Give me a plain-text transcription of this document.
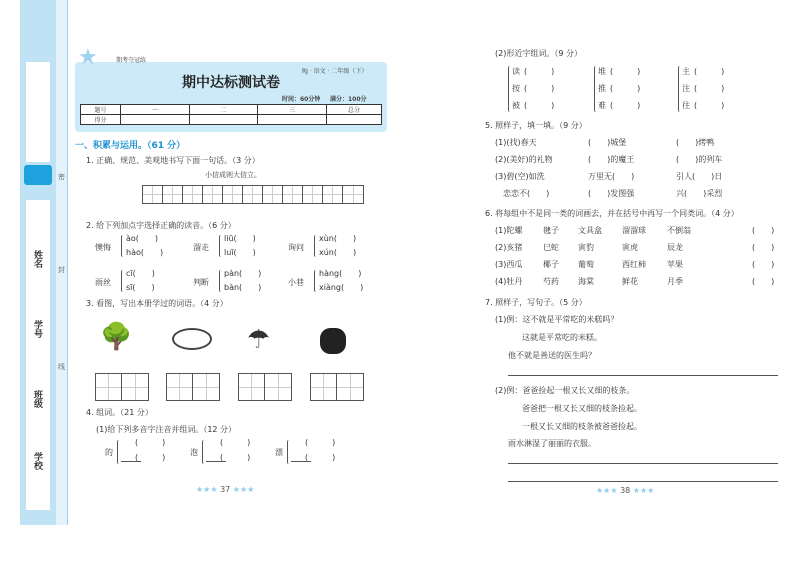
姓名
学号
班级
学校
密
封
线
★	期考夺冠练
RJ · 语文 · 二年级（下）
期中达标测试卷
时间：60分钟 满分：100分
题号	一	二	三	总分
得分				
一、积累与运用。（61 分）
1. 正确、规范、美观地书写下面一句话。（3 分）
小信成则大信立。
2. 给下列加点字选择正确的读音。（6 分）
3. 看图，写出本册学过的词语。（4 分）
🌳	☂
4. 组词。（21 分）
(1)给下列多音字注音并组词。（12 分）
★★★ 37 ★★★
(2)形近字组词。（9 分）
5. 照样子，填一填。（9 分）
6. 将每组中不是同一类的词画去，并在括号中再写一个同类词。（4 分）
7. 照样子，写句子。（5 分）
(1)例：这不就是平常吃的米糕吗？
这就是平常吃的米糕。
他不就是善送的医生吗？
(2)例：爸爸捡起一根又长又细的枝条。
爸爸把一根又长又细的枝条捡起。
一根又长又细的枝条被爸爸捡起。
雨水淋湿了丽丽的衣服。
★★★ 38 ★★★
懊悔
ào(　　)
hào(　　)
溜走
liū(　　)
luī(　　)
询问
xùn(　　)
xún(　　)
雨丝
cī(　　)
sī(　　)
判断
pàn(　　)
bàn(　　)
小巷
hàng(　　)
xiàng(　　)
的
(　　　)
(　　　)
泡
(　　　)
(　　　)
漂
(　　　)
(　　　)
读 (　　　)
按 (　　　)
被 (　　　)
堆 (　　　)
推 (　　　)
难 (　　　)
主 (　　　)
注 (　　　)
往 (　　　)
(1)(找)春天	(　　)城堡	(　　)烤鸭
(2)(美好)的礼物	(　　)的魔王	(　　)的列车
(3)碧(空)如洗	万里无(　　)	引人(　　)日
　恋恋不(　　)	(　　)发图强	兴(　　)采烈
(1)陀螺	毽子 文具盒	溜溜球	不倒翁	(　　)
(2)亥猪	巳蛇 寅豹	寅虎	辰龙	(　　)
(3)西瓜	椰子 葡萄	西红柿	苹果	(　　)
(4)牡丹	芍药 海棠	鲜花	月季	(　　)
